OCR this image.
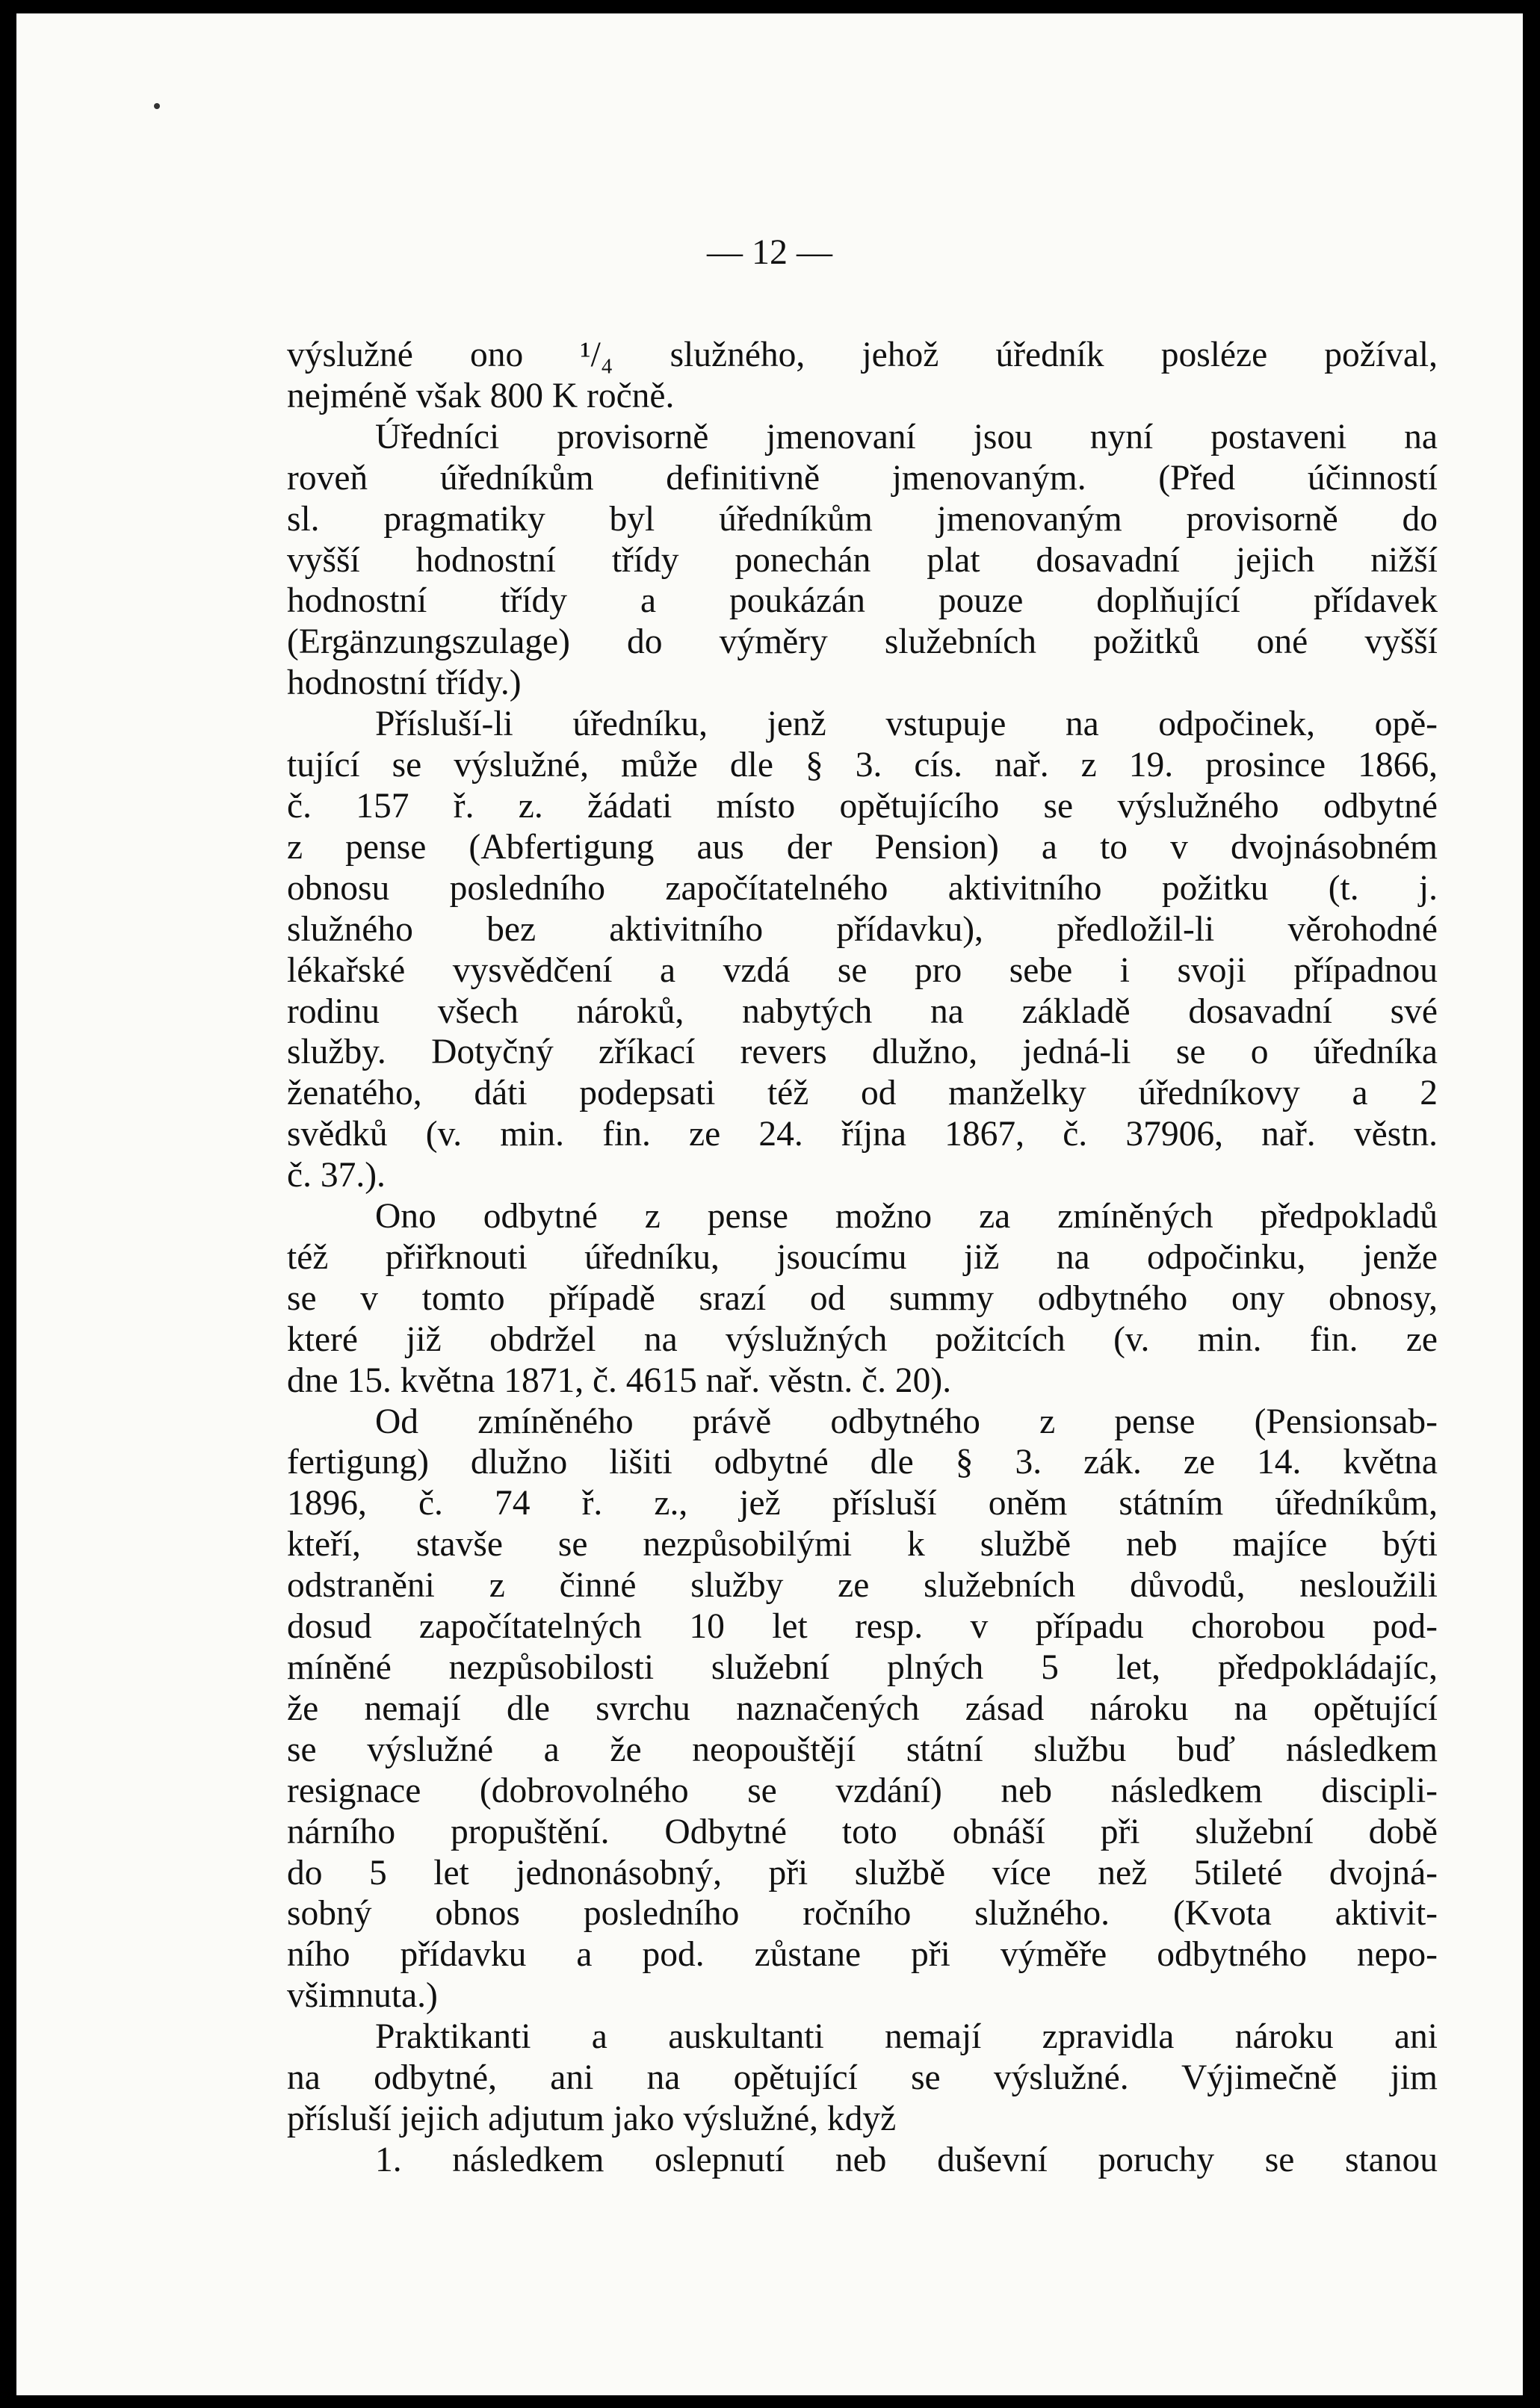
— 12 —
výslužné ono ¹/₄ služného, jehož úředník posléze požíval,
nejméně však 800 K ročně.
Úředníci provisorně jmenovaní jsou nyní postaveni na
roveň úředníkům definitivně jmenovaným. (Před účinností
sl. pragmatiky byl úředníkům jmenovaným provisorně do
vyšší hodnostní třídy ponechán plat dosavadní jejich nižší
hodnostní třídy a poukázán pouze doplňující přídavek
(Ergänzungszulage) do výměry služebních požitků oné vyšší
hodnostní třídy.)
Přísluší-li úředníku, jenž vstupuje na odpočinek, opě-
tující se výslužné, může dle § 3. cís. nař. z 19. prosince 1866,
č. 157 ř. z. žádati místo opětujícího se výslužného odbytné
z pense (Abfertigung aus der Pension) a to v dvojnásobném
obnosu posledního započítatelného aktivitního požitku (t. j.
služného bez aktivitního přídavku), předložil-li věrohodné
lékařské vysvědčení a vzdá se pro sebe i svoji případnou
rodinu všech nároků, nabytých na základě dosavadní své
služby. Dotyčný zříkací revers dlužno, jedná-li se o úředníka
ženatého, dáti podepsati též od manželky úředníkovy a 2
svědků (v. min. fin. ze 24. října 1867, č. 37906, nař. věstn.
č. 37.).
Ono odbytné z pense možno za zmíněných předpokladů
též přiřknouti úředníku, jsoucímu již na odpočinku, jenže
se v tomto případě srazí od summy odbytného ony obnosy,
které již obdržel na výslužných požitcích (v. min. fin. ze
dne 15. května 1871, č. 4615 nař. věstn. č. 20).
Od zmíněného právě odbytného z pense (Pensionsab-
fertigung) dlužno lišiti odbytné dle § 3. zák. ze 14. května
1896, č. 74 ř. z., jež přísluší oněm státním úředníkům,
kteří, stavše se nezpůsobilými k službě neb majíce býti
odstraněni z činné služby ze služebních důvodů, nesloužili
dosud započítatelných 10 let resp. v případu chorobou pod-
míněné nezpůsobilosti služební plných 5 let, předpokládajíc,
že nemají dle svrchu naznačených zásad nároku na opětující
se výslužné a že neopouštějí státní službu buď následkem
resignace (dobrovolného se vzdání) neb následkem discipli-
nárního propuštění. Odbytné toto obnáší při služební době
do 5 let jednonásobný, při službě více než 5tileté dvojná-
sobný obnos posledního ročního služného. (Kvota aktivit-
ního přídavku a pod. zůstane při výměře odbytného nepo-
všimnuta.)
Praktikanti a auskultanti nemají zpravidla nároku ani
na odbytné, ani na opětující se výslužné. Výjimečně jim
přísluší jejich adjutum jako výslužné, když
1. následkem oslepnutí neb duševní poruchy se stanou
